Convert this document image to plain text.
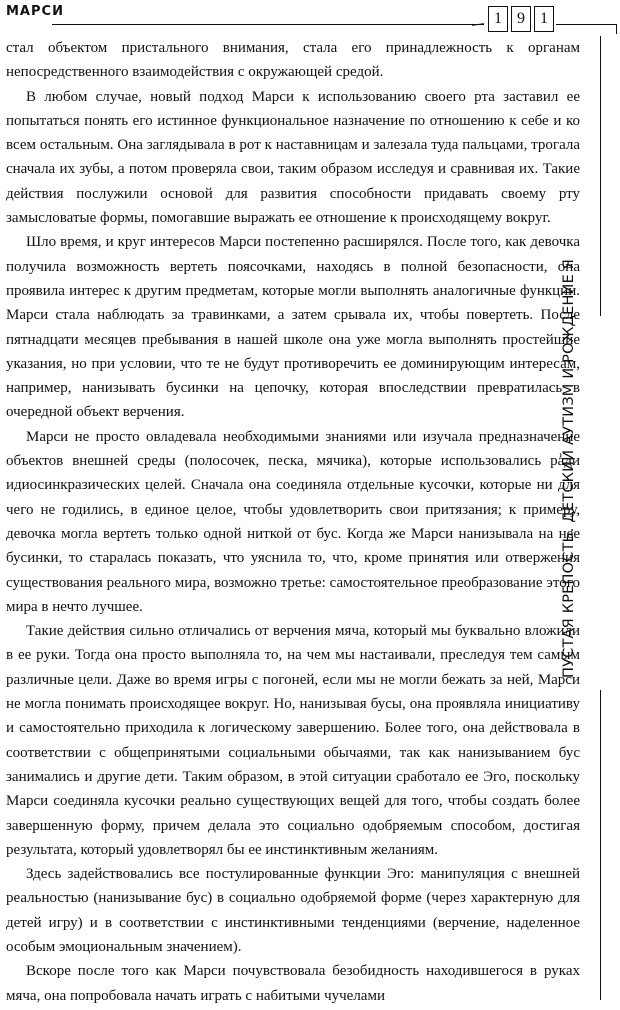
МАРСИ	1 9 1
ПУСТАЯ КРЕПОСТЬ. ДЕТСКИЙ АУТИЗМ И РОЖДЕНИЕ Я

стал объектом пристального внимания, стала его принадлежность к органам непосредственного взаимодействия с окружающей средой.

В любом случае, новый подход Марси к использованию своего рта заставил ее попытаться понять его истинное функциональное назначение по отношению к себе и ко всем остальным. Она заглядывала в рот к наставницам и залезала туда пальцами, трогала сначала их зубы, а потом проверяла свои, таким образом исследуя и сравнивая их. Такие действия послужили основой для развития способности придавать своему рту замысловатые формы, помогавшие выражать ее отношение к происходящему вокруг.

Шло время, и круг интересов Марси постепенно расширялся. После того, как девочка получила возможность вертеть поясочками, находясь в полной безопасности, она проявила интерес к другим предметам, которые могли выполнять аналогичные функции. Марси стала наблюдать за травинками, а затем срывала их, чтобы повертеть. После пятнадцати месяцев пребывания в нашей школе она уже могла выполнять простейшие указания, но при условии, что те не будут противоречить ее доминирующим интересам, например, нанизывать бусинки на цепочку, которая впоследствии превратилась в очередной объект верчения.

Марси не просто овладевала необходимыми знаниями или изучала предназначение объектов внешней среды (полосочек, песка, мячика), которые использовались ради идиосинкразических целей. Сначала она соединяла отдельные кусочки, которые ни для чего не годились, в единое целое, чтобы удовлетворить свои притязания; к примеру, девочка могла вертеть только одной ниткой от бус. Когда же Марси нанизывала на нее бусинки, то старалась показать, что уяснила то, что, кроме принятия или отвержения существования реального мира, возможно третье: самостоятельное преобразование этого мира в нечто лучшее.

Такие действия сильно отличались от верчения мяча, который мы буквально вложили в ее руки. Тогда она просто выполняла то, на чем мы настаивали, преследуя тем самым различные цели. Даже во время игры с погоней, если мы не могли бежать за ней, Марси не могла понимать происходящее вокруг. Но, нанизывая бусы, она проявляла инициативу и самостоятельно приходила к логическому завершению. Более того, она действовала в соответствии с общепринятыми социальными обычаями, так как нанизыванием бус занимались и другие дети. Таким образом, в этой ситуации сработало ее Эго, поскольку Марси соединяла кусочки реально существующих вещей для того, чтобы создать более завершенную форму, причем делала это социально одобряемым способом, достигая результата, который удовлетворял бы ее инстинктивным желаниям.

Здесь задействовались все постулированные функции Эго: манипуляция с внешней реальностью (нанизывание бус) в социально одобряемой форме (через характерную для детей игру) и в соответствии с инстинктивными тенденциями (верчение, наделенное особым эмоциональным значением).

Вскоре после того как Марси почувствовала безобидность находившегося в руках мяча, она попробовала начать играть с набитыми чучелами
